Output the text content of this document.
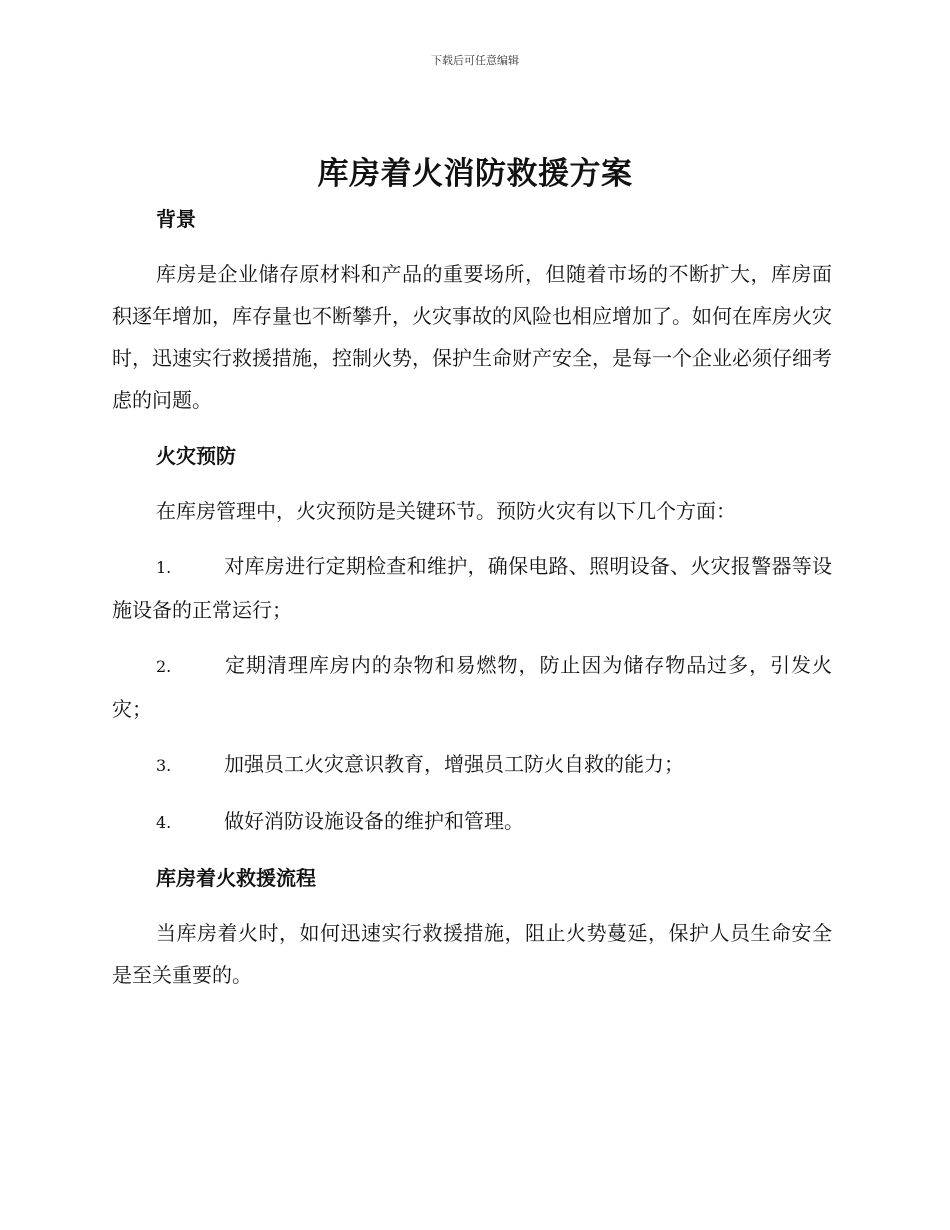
下载后可任意编辑
库房着火消防救援方案

背景

库房是企业储存原材料和产品的重要场所，但随着市场的不断扩大，库房面积逐年增加，库存量也不断攀升，火灾事故的风险也相应增加了。如何在库房火灾时，迅速实行救援措施，控制火势，保护生命财产安全，是每一个企业必须仔细考虑的问题。

火灾预防

在库房管理中，火灾预防是关键环节。预防火灾有以下几个方面：

1.	对库房进行定期检查和维护，确保电路、照明设备、火灾报警器等设施设备的正常运行；

2.	定期清理库房内的杂物和易燃物，防止因为储存物品过多，引发火灾；

3.	加强员工火灾意识教育，增强员工防火自救的能力；

4.	做好消防设施设备的维护和管理。

库房着火救援流程

当库房着火时，如何迅速实行救援措施，阻止火势蔓延，保护人员生命安全是至关重要的。
